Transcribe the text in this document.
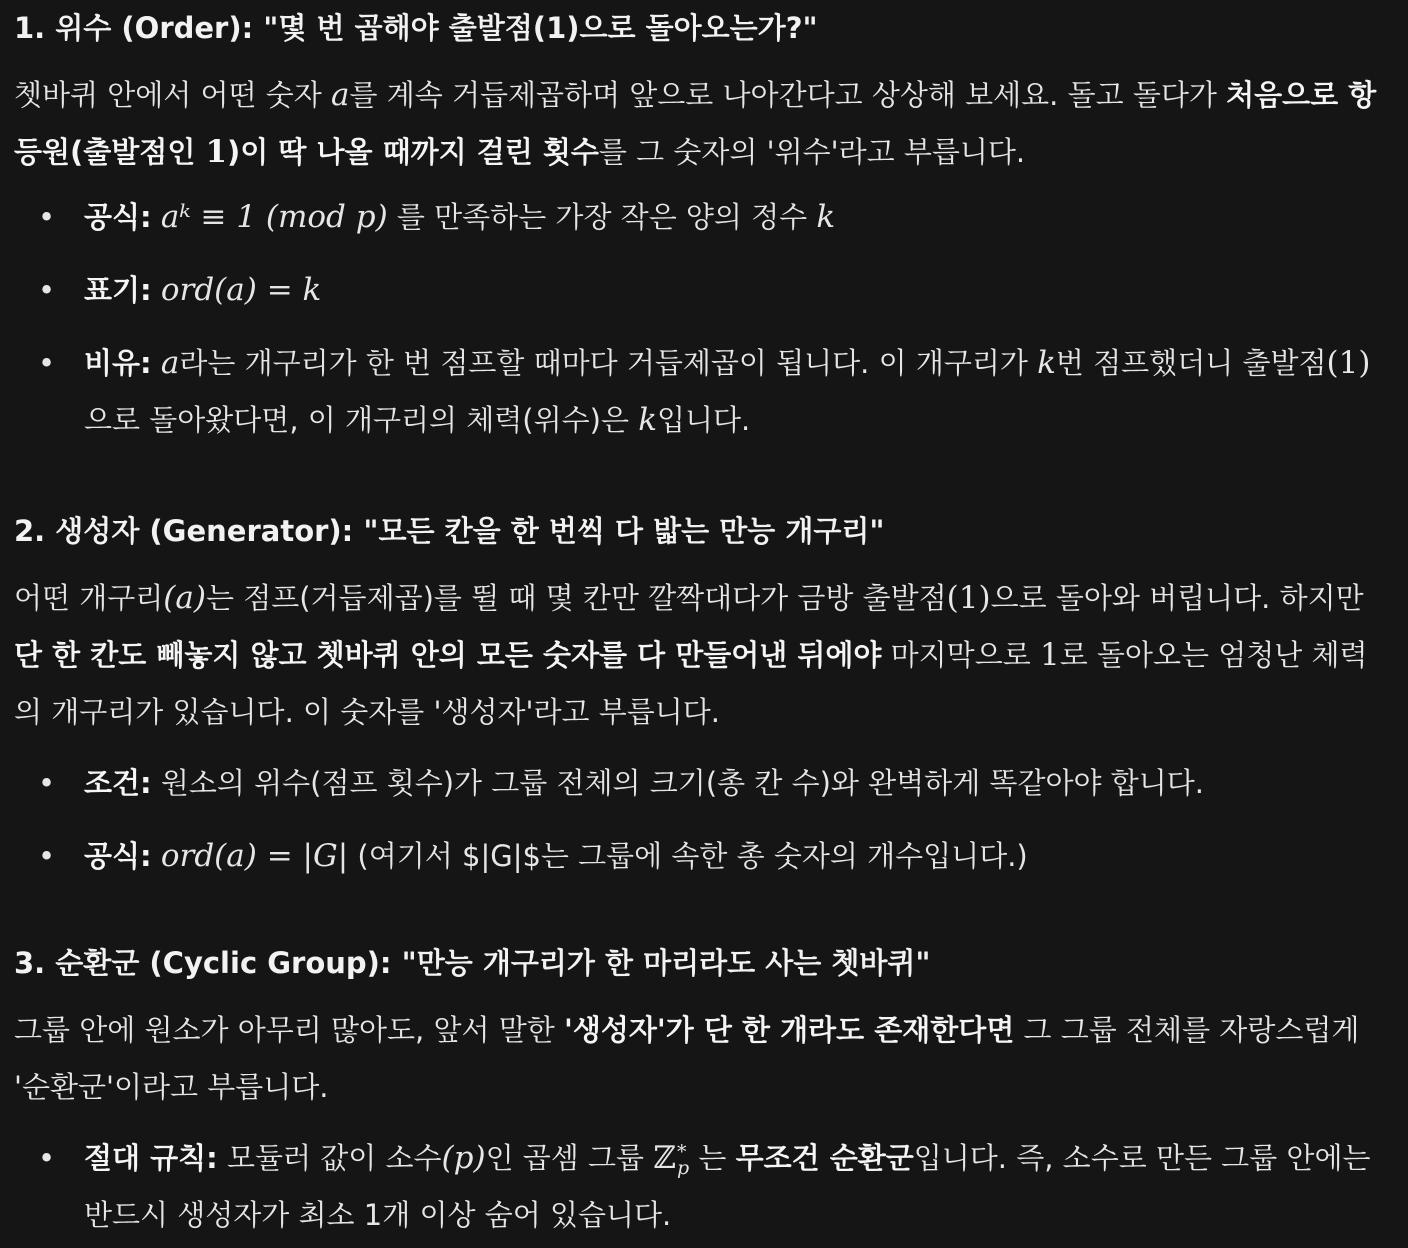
1. 위수 (Order): "몇 번 곱해야 출발점(1)으로 돌아오는가?"

쳇바퀴 안에서 어떤 숫자 a를 계속 거듭제곱하며 앞으로 나아간다고 상상해 보세요. 돌고 돌다가 처음으로 항등원(출발점인 1)이 딱 나올 때까지 걸린 횟수를 그 숫자의 '위수'라고 부릅니다.

• 공식: aᵏ ≡ 1 (mod p) 를 만족하는 가장 작은 양의 정수 k
• 표기: ord(a) = k
• 비유: a라는 개구리가 한 번 점프할 때마다 거듭제곱이 됩니다. 이 개구리가 k번 점프했더니 출발점(1)으로 돌아왔다면, 이 개구리의 체력(위수)은 k입니다.
2. 생성자 (Generator): "모든 칸을 한 번씩 다 밟는 만능 개구리"

어떤 개구리(a)는 점프(거듭제곱)를 뛸 때 몇 칸만 깔짝대다가 금방 출발점(1)으로 돌아와 버립니다. 하지만 단 한 칸도 빼놓지 않고 쳇바퀴 안의 모든 숫자를 다 만들어낸 뒤에야 마지막으로 1로 돌아오는 엄청난 체력의 개구리가 있습니다. 이 숫자를 '생성자'라고 부릅니다.

• 조건: 원소의 위수(점프 횟수)가 그룹 전체의 크기(총 칸 수)와 완벽하게 똑같아야 합니다.
• 공식: ord(a) = |G| (여기서 $|G|$는 그룹에 속한 총 숫자의 개수입니다.)
3. 순환군 (Cyclic Group): "만능 개구리가 한 마리라도 사는 쳇바퀴"

그룹 안에 원소가 아무리 많아도, 앞서 말한 '생성자'가 단 한 개라도 존재한다면 그 그룹 전체를 자랑스럽게 '순환군'이라고 부릅니다.

• 절대 규칙: 모듈러 값이 소수(p)인 곱셈 그룹 ℤ *
p 는 무조건 순환군입니다. 즉, 소수로 만든 그룹 안에는 반드시 생성자가 최소 1개 이상 숨어 있습니다.
